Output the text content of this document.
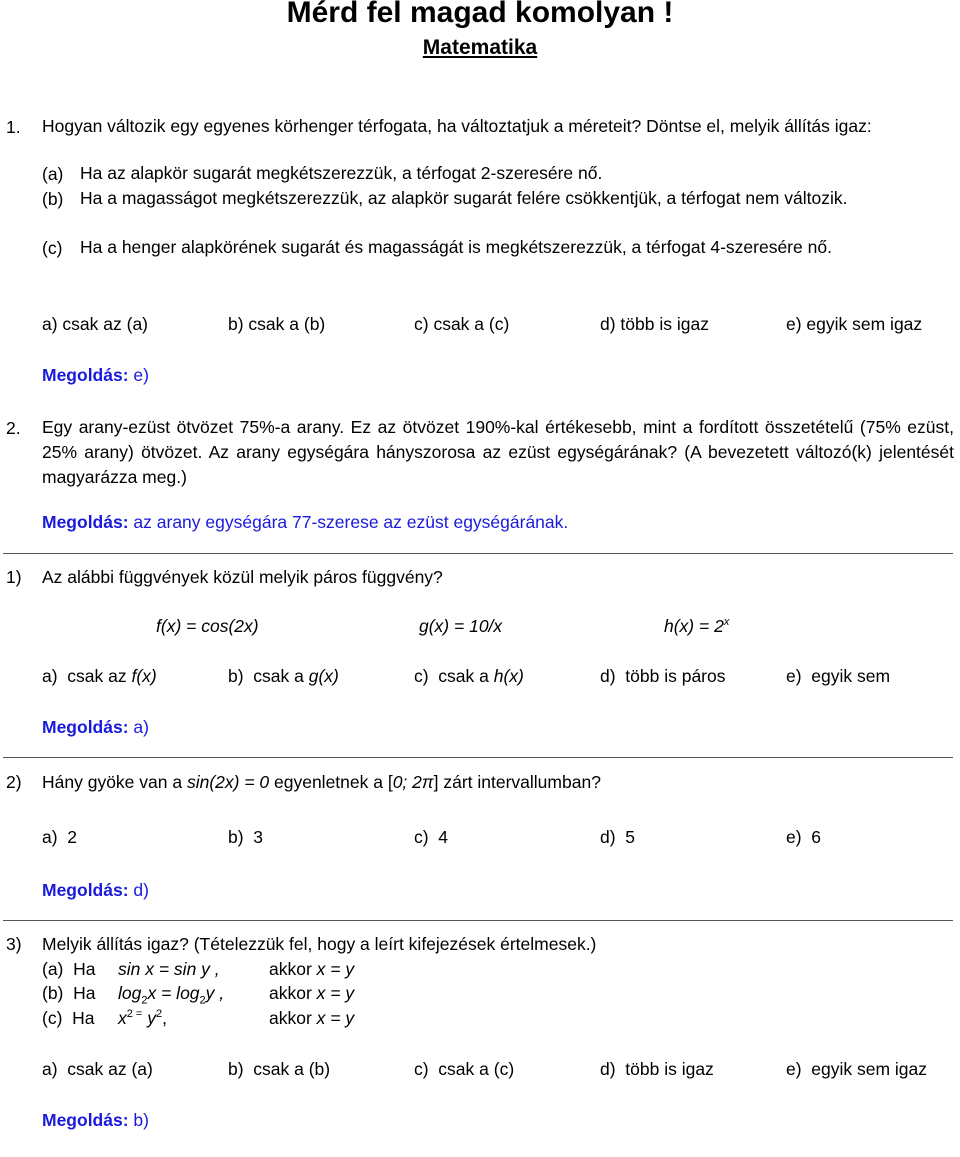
Mérd fel magad komolyan !
Matematika
1. Hogyan változik egy egyenes körhenger térfogata, ha változtatjuk a méreteit? Döntse el, melyik állítás igaz:
(a) Ha az alapkör sugarát megkétszerezzük, a térfogat 2-szeresére nő.
(b) Ha a magasságot megkétszerezzük, az alapkör sugarát felére csökkentjük, a térfogat nem változik.
(c) Ha a henger alapkörének sugarát és magasságát is megkétszerezzük, a térfogat 4-szeresére nő.
a) csak az (a)	b) csak a (b)	c) csak a (c)	d) több is igaz	e) egyik sem igaz
Megoldás: e)
2. Egy arany-ezüst ötvözet 75%-a arany. Ez az ötvözet 190%-kal értékesebb, mint a fordított összetételű (75% ezüst, 25% arany) ötvözet. Az arany egységára hányszorosa az ezüst egységárának? (A bevezetett változó(k) jelentését magyarázza meg.)
Megoldás: az arany egységára 77-szerese az ezüst egységárának.
1) Az alábbi függvények közül melyik páros függvény?
f(x) = cos(2x)	g(x) = 10/x	$h(x) = 2^x$
a)  csak az f(x)	b)  csak a g(x)	c)  csak a h(x)	d)  több is páros	e)  egyik sem
Megoldás: a)
2) Hány gyöke van a sin(2x) = 0 egyenletnek a [0; 2π] zárt intervallumban?
a)  2	b)  3	c)  4	d)  5	e)  6
Megoldás: d)
3) Melyik állítás igaz? (Tételezzük fel, hogy a leírt kifejezések értelmesek.)
(a)  Ha sin x = sin y ,	akkor x = y
(b)  Ha $\log_2x = \log_2y$ ,	akkor x = y
(c)  Ha $x^{2 =}$ $y^2$,	akkor x = y
a)  csak az (a)	b)  csak a (b)	c)  csak a (c)	d)  több is igaz	e)  egyik sem igaz
Megoldás: b)
